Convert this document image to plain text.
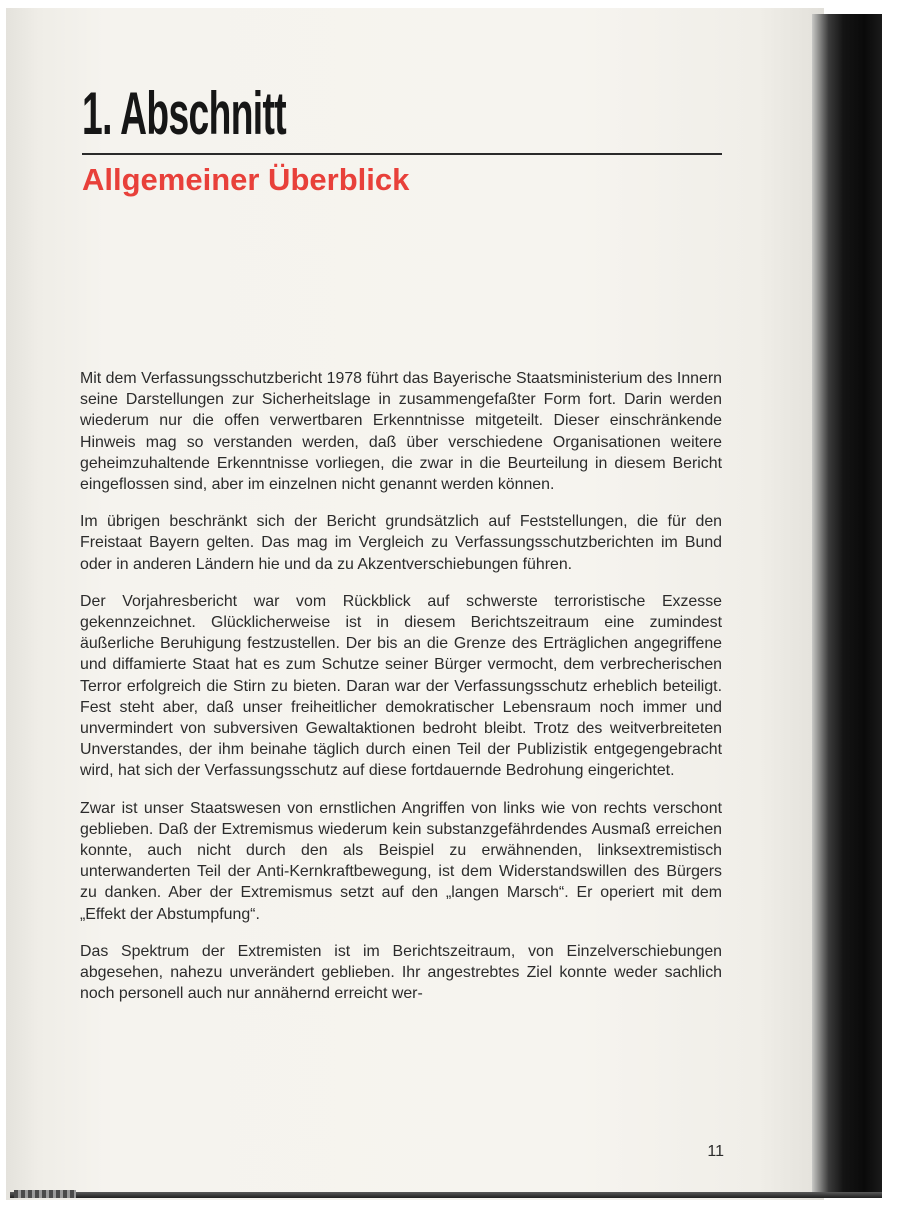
1. Abschnitt
Allgemeiner Überblick

Mit dem Verfassungsschutzbericht 1978 führt das Bayerische Staatsministerium des Innern seine Darstellungen zur Sicherheitslage in zusammengefaßter Form fort. Darin werden wiederum nur die offen verwertbaren Erkenntnisse mitgeteilt. Dieser einschränkende Hinweis mag so verstanden werden, daß über verschiedene Organisationen weitere geheimzuhaltende Erkenntnisse vorliegen, die zwar in die Beurteilung in diesem Bericht eingeflossen sind, aber im einzelnen nicht genannt werden können.

Im übrigen beschränkt sich der Bericht grundsätzlich auf Feststellungen, die für den Freistaat Bayern gelten. Das mag im Vergleich zu Verfassungsschutzberichten im Bund oder in anderen Ländern hie und da zu Akzentverschiebungen führen.

Der Vorjahresbericht war vom Rückblick auf schwerste terroristische Exzesse gekennzeichnet. Glücklicherweise ist in diesem Berichtszeitraum eine zumindest äußerliche Beruhigung festzustellen. Der bis an die Grenze des Erträglichen angegriffene und diffamierte Staat hat es zum Schutze seiner Bürger vermocht, dem verbrecherischen Terror erfolgreich die Stirn zu bieten. Daran war der Verfassungsschutz erheblich beteiligt. Fest steht aber, daß unser freiheitlicher demokratischer Lebensraum noch immer und unvermindert von subversiven Gewaltaktionen bedroht bleibt. Trotz des weitverbreiteten Unverstandes, der ihm beinahe täglich durch einen Teil der Publizistik entgegengebracht wird, hat sich der Verfassungsschutz auf diese fortdauernde Bedrohung eingerichtet.

Zwar ist unser Staatswesen von ernstlichen Angriffen von links wie von rechts verschont geblieben. Daß der Extremismus wiederum kein substanzgefährdendes Ausmaß erreichen konnte, auch nicht durch den als Beispiel zu erwähnenden, linksextremistisch unterwanderten Teil der Anti-Kernkraftbewegung, ist dem Widerstandswillen des Bürgers zu danken. Aber der Extremismus setzt auf den „langen Marsch“. Er operiert mit dem „Effekt der Abstumpfung“.

Das Spektrum der Extremisten ist im Berichtszeitraum, von Einzelverschiebungen abgesehen, nahezu unverändert geblieben. Ihr angestrebtes Ziel konnte weder sachlich noch personell auch nur annähernd erreicht wer-

11
